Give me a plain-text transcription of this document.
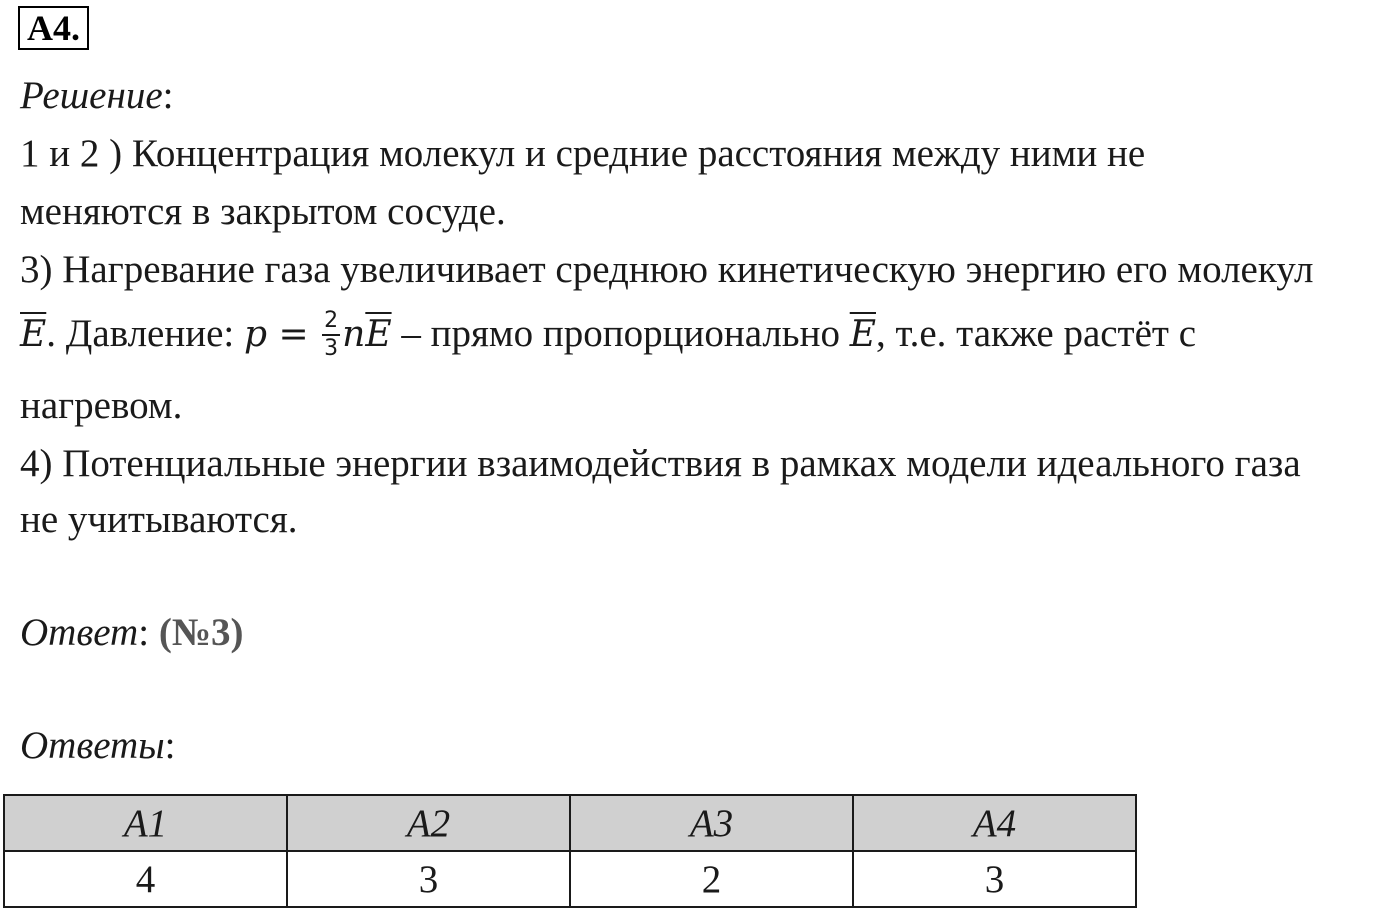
А4.
Решение:
1 и 2 ) Концентрация молекул и средние расстояния между ними не
меняются в закрытом сосуде.
3) Нагревание газа увеличивает среднюю кинетическую энергию его молекул
$\overline{E}$. Давление: $p = \frac{2}{3} n\overline{E}$ – прямо пропорционально $\overline{E}$, т.е. также растёт с
нагревом.
4) Потенциальные энергии взаимодействия в рамках модели идеального газа
не учитываются.
Ответ: (№3)
Ответы:
А1	А2	А3	А4
4	3	2	3
